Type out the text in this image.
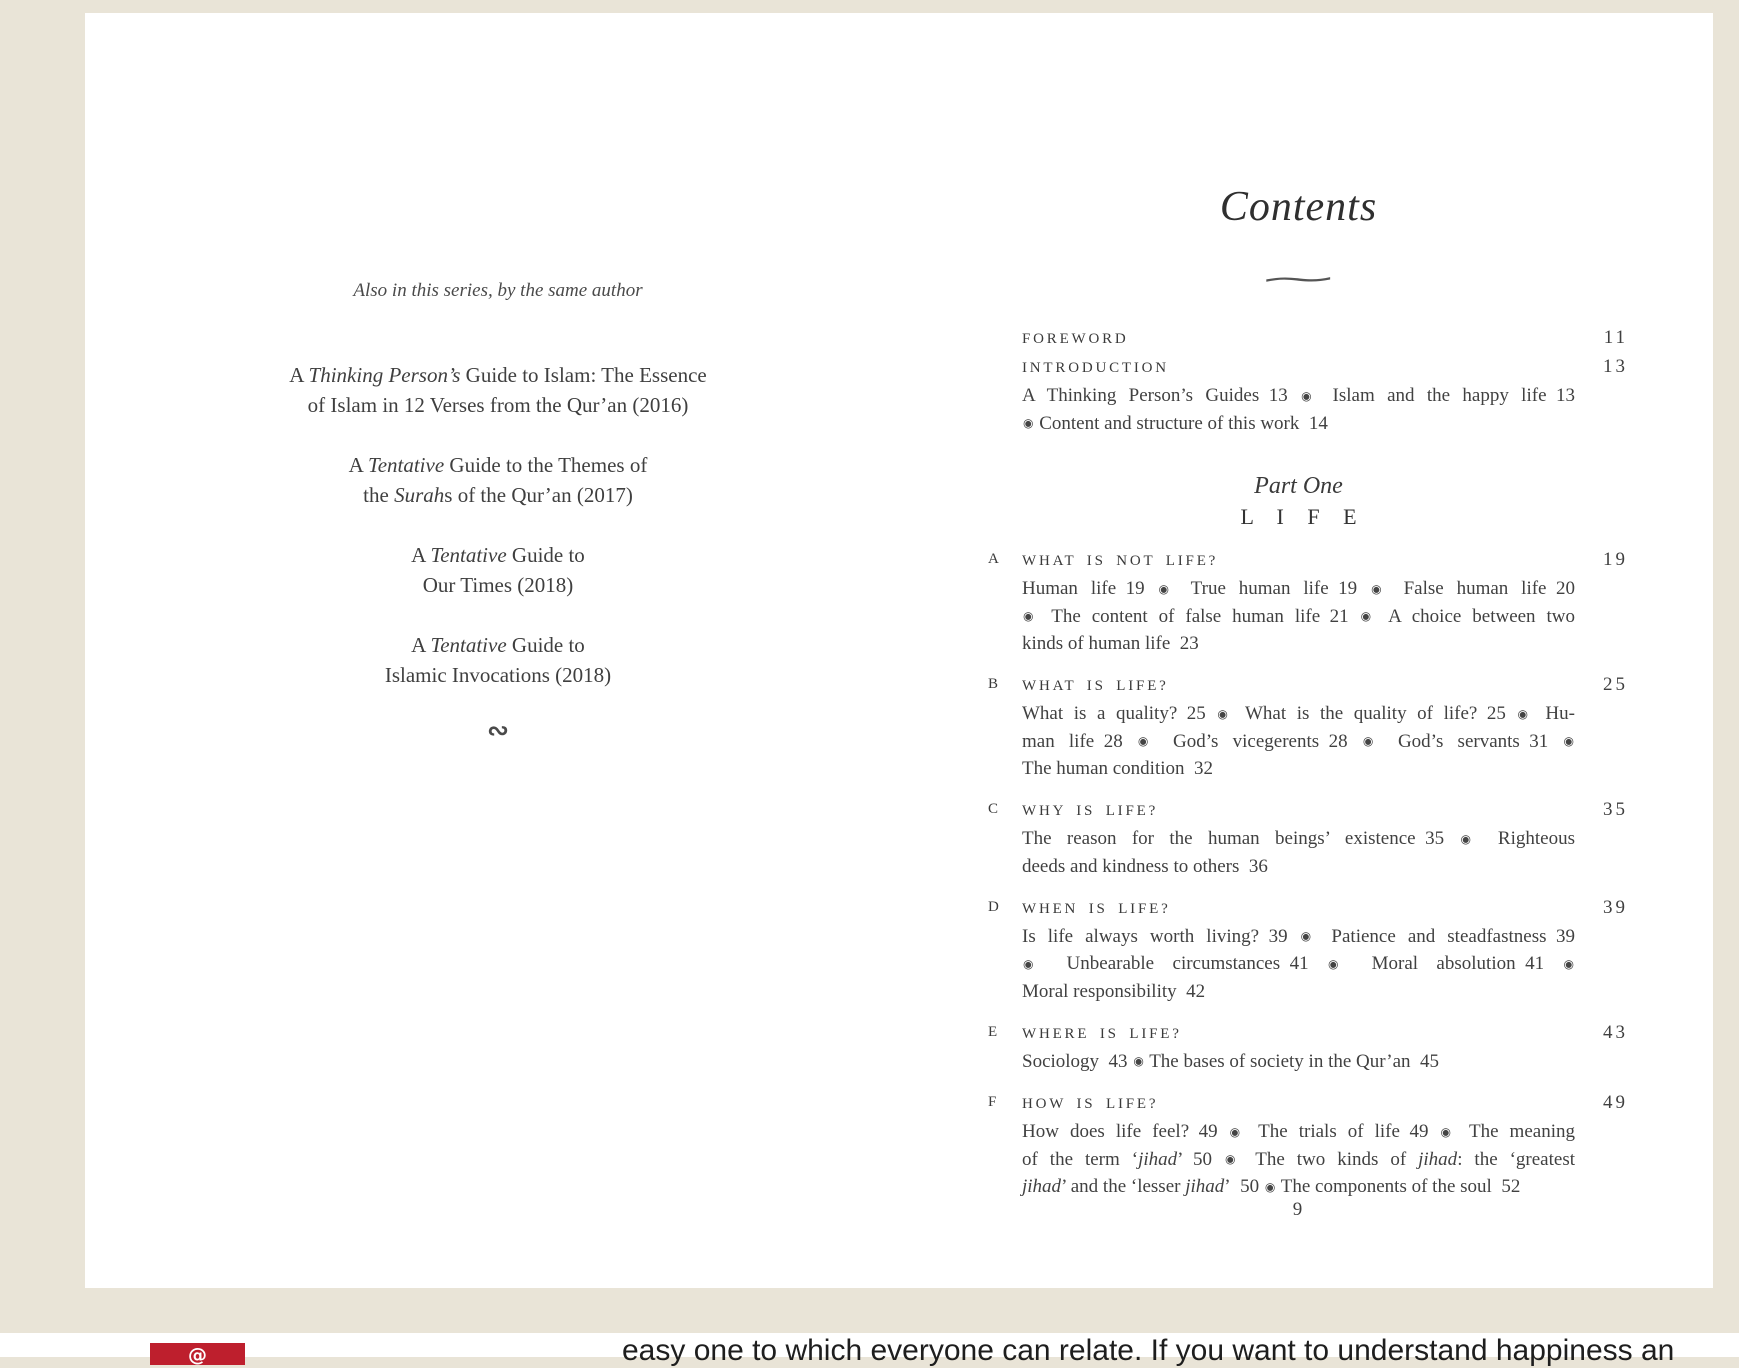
Also in this series, by the same author
A Thinking Person’s Guide to Islam: The Essence
of Islam in 12 Verses from the Qur’an (2016)
A Tentative Guide to the Themes of
the Surahs of the Qur’an (2017)
A Tentative Guide to
Our Times (2018)
A Tentative Guide to
Islamic Invocations (2018)
∾
Contents
∼
FOREWORD	11
INTRODUCTION	13
A Thinking Person’s Guides 13 ◉ Islam and the happy life 13
◉ Content and structure of this work 14
Part One
L I F E
A WHAT IS NOT LIFE?	19
Human life 19 ◉ True human life 19 ◉ False human life 20
◉ The content of false human life 21 ◉ A choice between two
kinds of human life 23
B WHAT IS LIFE?	25
What is a quality? 25 ◉ What is the quality of life? 25 ◉ Hu-
man life 28 ◉ God’s vicegerents 28 ◉ God’s servants 31 ◉
The human condition 32
C WHY IS LIFE?	35
The reason for the human beings’ existence 35 ◉ Righteous
deeds and kindness to others 36
D WHEN IS LIFE?	39
Is life always worth living? 39 ◉ Patience and steadfastness 39
◉ Unbearable circumstances 41 ◉ Moral absolution 41 ◉
Moral responsibility 42
E WHERE IS LIFE?	43
Sociology 43 ◉ The bases of society in the Qur’an 45
F HOW IS LIFE?	49
How does life feel? 49 ◉ The trials of life 49 ◉ The meaning
of the term ‘jihad’ 50 ◉ The two kinds of jihad: the ‘greatest
jihad’ and the ‘lesser jihad’ 50 ◉ The components of the soul 52
9
@	easy one to which everyone can relate. If you want to understand happiness an
